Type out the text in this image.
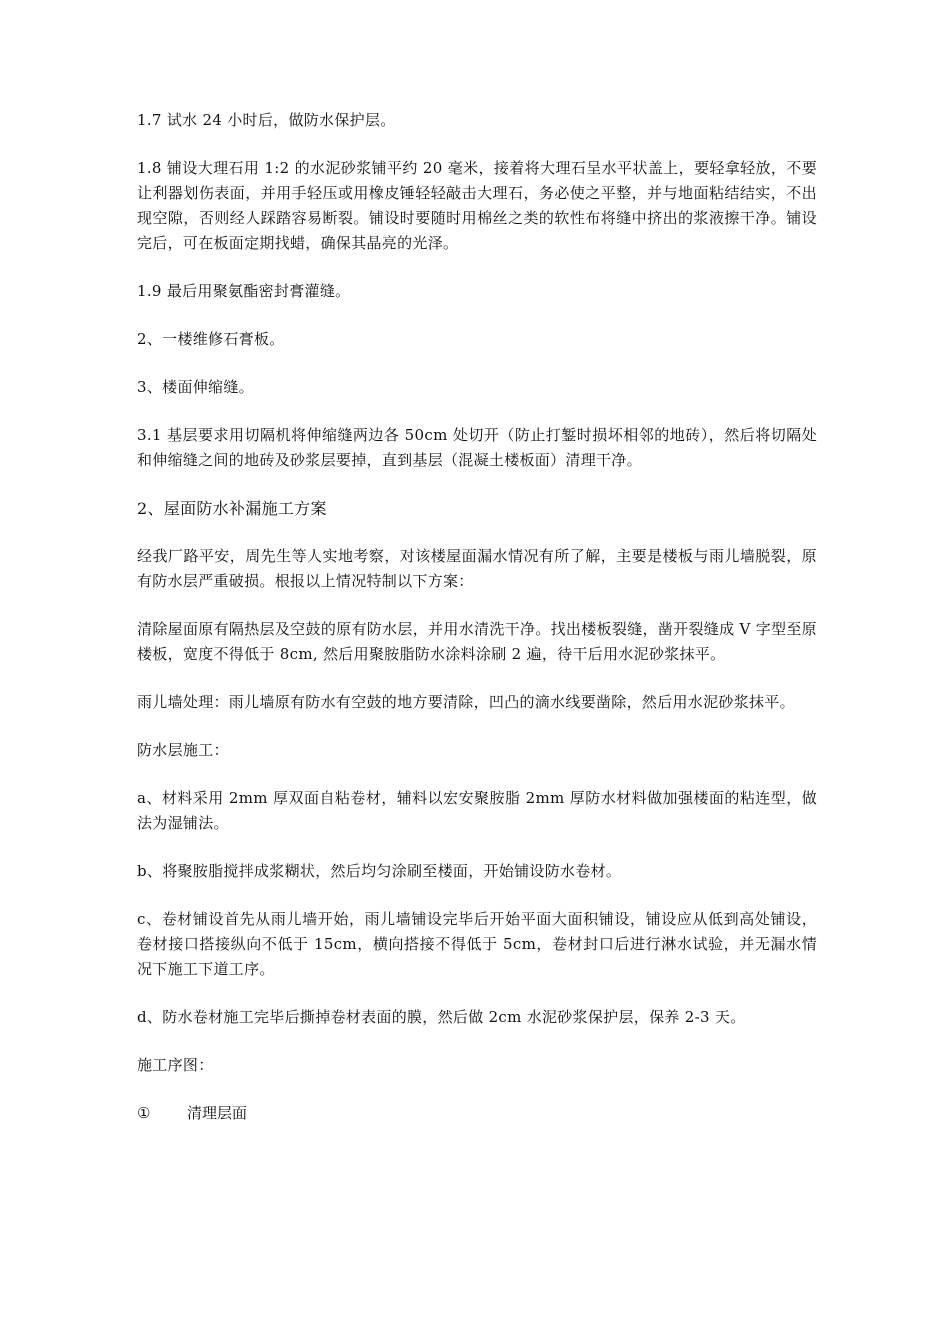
1.7 试水 24 小时后，做防水保护层。

1.8 铺设大理石用 1:2 的水泥砂浆铺平约 20 毫米，接着将大理石呈水平状盖上，要轻拿轻放，不要让利器划伤表面，并用手轻压或用橡皮锤轻轻敲击大理石，务必使之平整，并与地面粘结结实，不出现空隙，否则经人踩踏容易断裂。铺设时要随时用棉丝之类的软性布将缝中挤出的浆液擦干净。铺设完后，可在板面定期找蜡，确保其晶亮的光泽。

1.9 最后用聚氨酯密封膏灌缝。

2、一楼维修石膏板。

3、楼面伸缩缝。

3.1 基层要求用切隔机将伸缩缝两边各 50cm 处切开（防止打錾时损坏相邻的地砖），然后将切隔处和伸缩缝之间的地砖及砂浆层要掉，直到基层（混凝土楼板面）清理干净。

2、屋面防水补漏施工方案

经我厂路平安，周先生等人实地考察，对该楼屋面漏水情况有所了解，主要是楼板与雨儿墙脱裂，原有防水层严重破损。根报以上情况特制以下方案：

清除屋面原有隔热层及空鼓的原有防水层，并用水清洗干净。找出楼板裂缝，凿开裂缝成 V 字型至原楼板，宽度不得低于 8cm, 然后用聚胺脂防水涂料涂刷 2 遍，待干后用水泥砂浆抹平。

雨儿墙处理：雨儿墙原有防水有空鼓的地方要清除，凹凸的滴水线要凿除，然后用水泥砂浆抹平。

防水层施工：

a、材料采用 2mm 厚双面自粘卷材，辅料以宏安聚胺脂 2mm 厚防水材料做加强楼面的粘连型，做法为湿铺法。

b、将聚胺脂搅拌成浆糊状，然后均匀涂刷至楼面，开始铺设防水卷材。

c、卷材铺设首先从雨儿墙开始，雨儿墙铺设完毕后开始平面大面积铺设，铺设应从低到高处铺设，卷材接口搭接纵向不低于 15cm，横向搭接不得低于 5cm，卷材封口后进行淋水试验，并无漏水情况下施工下道工序。

d、防水卷材施工完毕后撕掉卷材表面的膜，然后做 2cm 水泥砂浆保护层，保养 2-3 天。

施工序图：

①	清理层面
